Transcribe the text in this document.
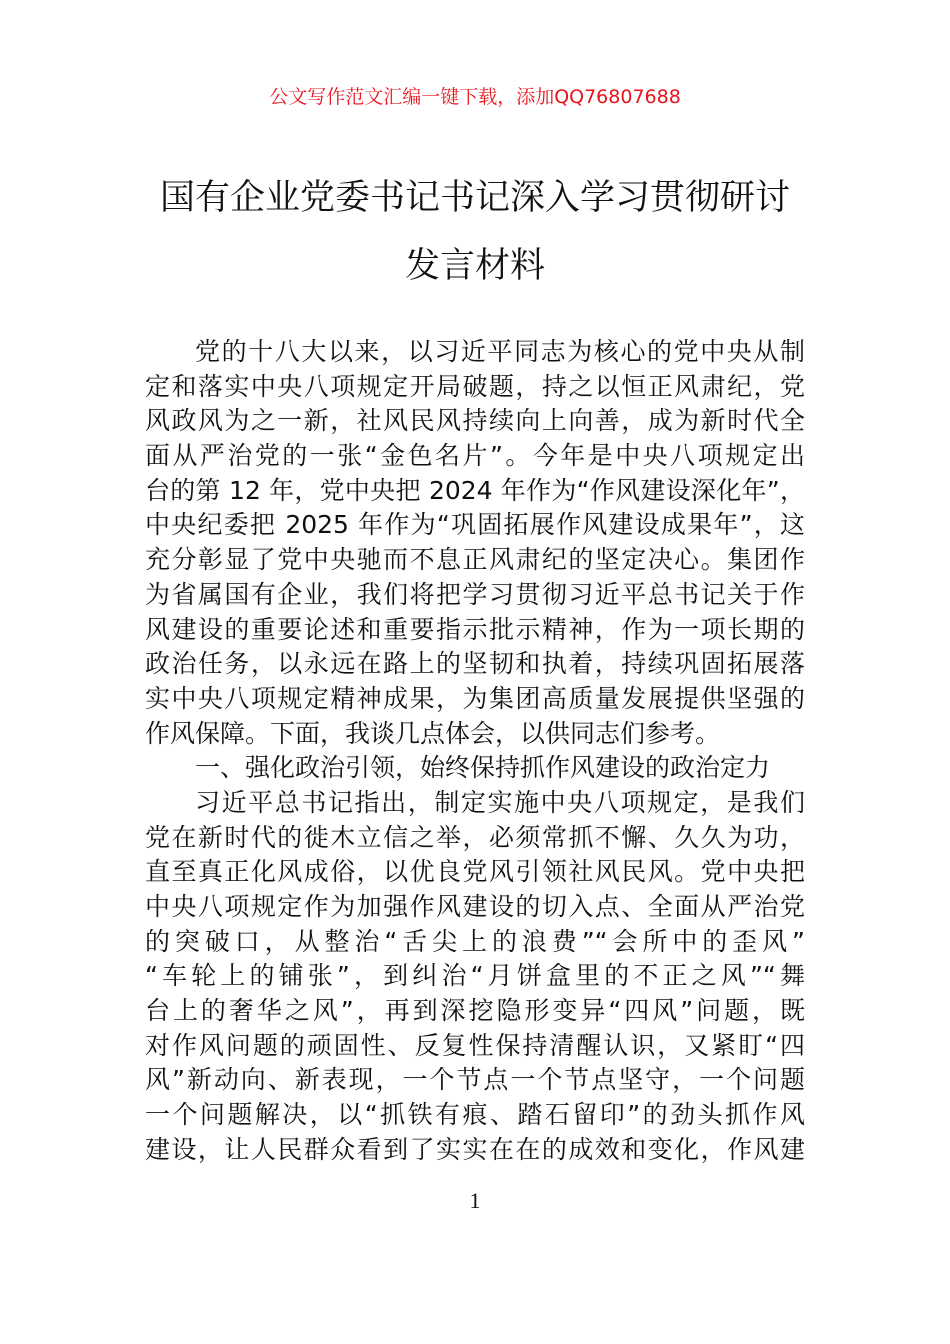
公文写作范文汇编一键下载，添加QQ76807688
国有企业党委书记书记深入学习贯彻研讨
发言材料
党的十八大以来，以习近平同志为核心的党中央从制
定和落实中央八项规定开局破题，持之以恒正风肃纪，党
风政风为之一新，社风民风持续向上向善，成为新时代全
面从严治党的一张“金色名片”。今年是中央八项规定出
台的第 12 年，党中央把 2024 年作为“作风建设深化年”，
中央纪委把 2025 年作为“巩固拓展作风建设成果年”，这
充分彰显了党中央驰而不息正风肃纪的坚定决心。集团作
为省属国有企业，我们将把学习贯彻习近平总书记关于作
风建设的重要论述和重要指示批示精神，作为一项长期的
政治任务，以永远在路上的坚韧和执着，持续巩固拓展落
实中央八项规定精神成果，为集团高质量发展提供坚强的
作风保障。下面，我谈几点体会，以供同志们参考。
一、强化政治引领，始终保持抓作风建设的政治定力
习近平总书记指出，制定实施中央八项规定，是我们
党在新时代的徙木立信之举，必须常抓不懈、久久为功，
直至真正化风成俗，以优良党风引领社风民风。党中央把
中央八项规定作为加强作风建设的切入点、全面从严治党
的突破口，从整治“舌尖上的浪费”“会所中的歪风”
“车轮上的铺张”，到纠治“月饼盒里的不正之风”“舞
台上的奢华之风”，再到深挖隐形变异“四风”问题，既
对作风问题的顽固性、反复性保持清醒认识，又紧盯“四
风”新动向、新表现，一个节点一个节点坚守，一个问题
一个问题解决，以“抓铁有痕、踏石留印”的劲头抓作风
建设，让人民群众看到了实实在在的成效和变化，作风建
1
